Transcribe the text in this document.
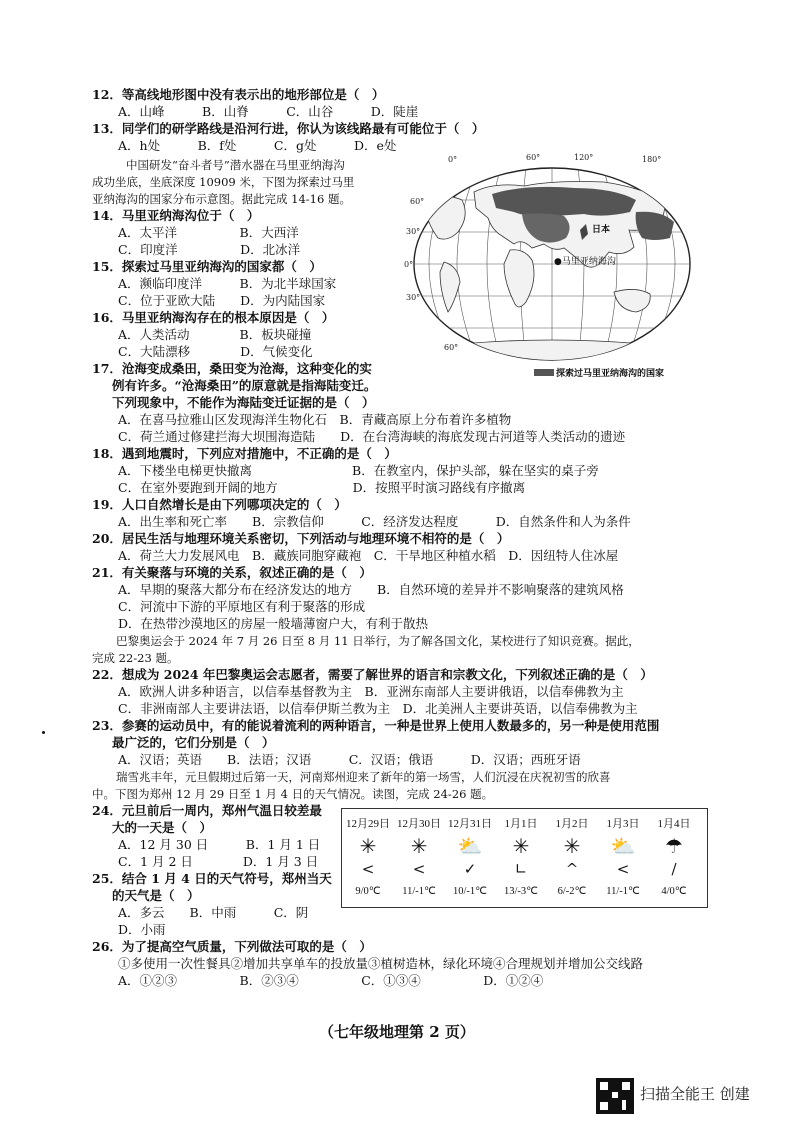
12．等高线地形图中没有表示出的地形部位是（　）
A．山峰　　　B．山脊　　　C．山谷　　　D．陡崖
13．同学们的研学路线是沿河行进，你认为该线路最有可能位于（　）
A．h处　　　B．f处　　　C．g处　　　D．e处
中国研发“奋斗者号”潜水器在马里亚纳海沟
成功坐底，坐底深度 10909 米，下图为探索过马里
亚纳海沟的国家分布示意图。据此完成 14-16 题。
14．马里亚纳海沟位于（　）
A．太平洋　　　　　B．大西洋
C．印度洋　　　　　D．北冰洋
15．探索过马里亚纳海沟的国家都（　）
A．濒临印度洋　　　B．为北半球国家
C．位于亚欧大陆　　D．为内陆国家
16．马里亚纳海沟存在的根本原因是（　）
A．人类活动　　　　B．板块碰撞
C．大陆漂移　　　　D．气候变化
17．沧海变成桑田，桑田变为沧海，这种变化的实
例有许多。“沧海桑田”的原意就是指海陆变迁。
下列现象中，不能作为海陆变迁证据的是（　）
A．在喜马拉雅山区发现海洋生物化石　B．青藏高原上分布着许多植物
C．荷兰通过修建拦海大坝围海造陆　　D．在台湾海峡的海底发现古河道等人类活动的遗迹
18．遇到地震时，下列应对措施中，不正确的是（　）
A．下楼坐电梯更快撤离　　　　　　　　B．在教室内，保护头部，躲在坚实的桌子旁
C．在室外要跑到开阔的地方　　　　　　D．按照平时演习路线有序撤离
19．人口自然增长是由下列哪项决定的（　）
A．出生率和死亡率　　B．宗教信仰　　　C．经济发达程度　　　D．自然条件和人为条件
20．居民生活与地理环境关系密切，下列活动与地理环境不相符的是（　）
A．荷兰大力发展风电　B．藏族同胞穿藏袍　C．干旱地区种植水稻　D．因纽特人住冰屋
21．有关聚落与环境的关系，叙述正确的是（　）
A．早期的聚落大都分布在经济发达的地方　　B．自然环境的差异并不影响聚落的建筑风格
C．河流中下游的平原地区有利于聚落的形成
D．在热带沙漠地区的房屋一般墙薄窗户大，有利于散热
巴黎奥运会于 2024 年 7 月 26 日至 8 月 11 日举行，为了解各国文化，某校进行了知识竞赛。据此，
完成 22-23 题。
22．想成为 2024 年巴黎奥运会志愿者，需要了解世界的语言和宗教文化，下列叙述正确的是（　）
A．欧洲人讲多种语言，以信奉基督教为主　B．亚洲东南部人主要讲俄语，以信奉佛教为主
C．非洲南部人主要讲法语，以信奉伊斯兰教为主　D．北美洲人主要讲英语，以信奉佛教为主
23．参赛的运动员中，有的能说着流利的两种语言，一种是世界上使用人数最多的，另一种是使用范围
最广泛的，它们分别是（　）
A．汉语；英语　　B．法语；汉语　　　C．汉语；俄语　　　D．汉语；西班牙语
瑞雪兆丰年，元旦假期过后第一天，河南郑州迎来了新年的第一场雪，人们沉浸在庆祝初雪的欣喜
中。下图为郑州 12 月 29 日至 1 月 4 日的天气情况。读图，完成 24-26 题。
24．元旦前后一周内，郑州气温日较差最
大的一天是（　）
A．12 月 30 日　　　B．1 月 1 日
C．1 月 2 日　　　　D．1 月 3 日
25．结合 1 月 4 日的天气符号，郑州当天
的天气是（　）
A．多云　　B．中雨　　　C．阴
D．小雨
26．为了提高空气质量，下列做法可取的是（　）
①多使用一次性餐具②增加共享单车的投放量③植树造林，绿化环境④合理规划并增加公交线路
A．①②③　　　　　B．②③④　　　　　C．①③④　　　　　D．①②④
0°	60°	120°	180°
60°
30°
0°
30°
60°
日本
●马里亚纳海沟
探索过马里亚纳海沟的国家
12月29日 12月30日 12月31日	1月1日	1月2日	1月3日	1月4日
✳	✳	⛅	✳	✳	⛅	☂
<	<	✓	∟	^	<	/
9/0℃	11/-1℃	10/-1℃	13/-3℃	6/-2℃	11/-1℃	4/0℃
（七年级地理第 2 页）
扫描全能王 创建
